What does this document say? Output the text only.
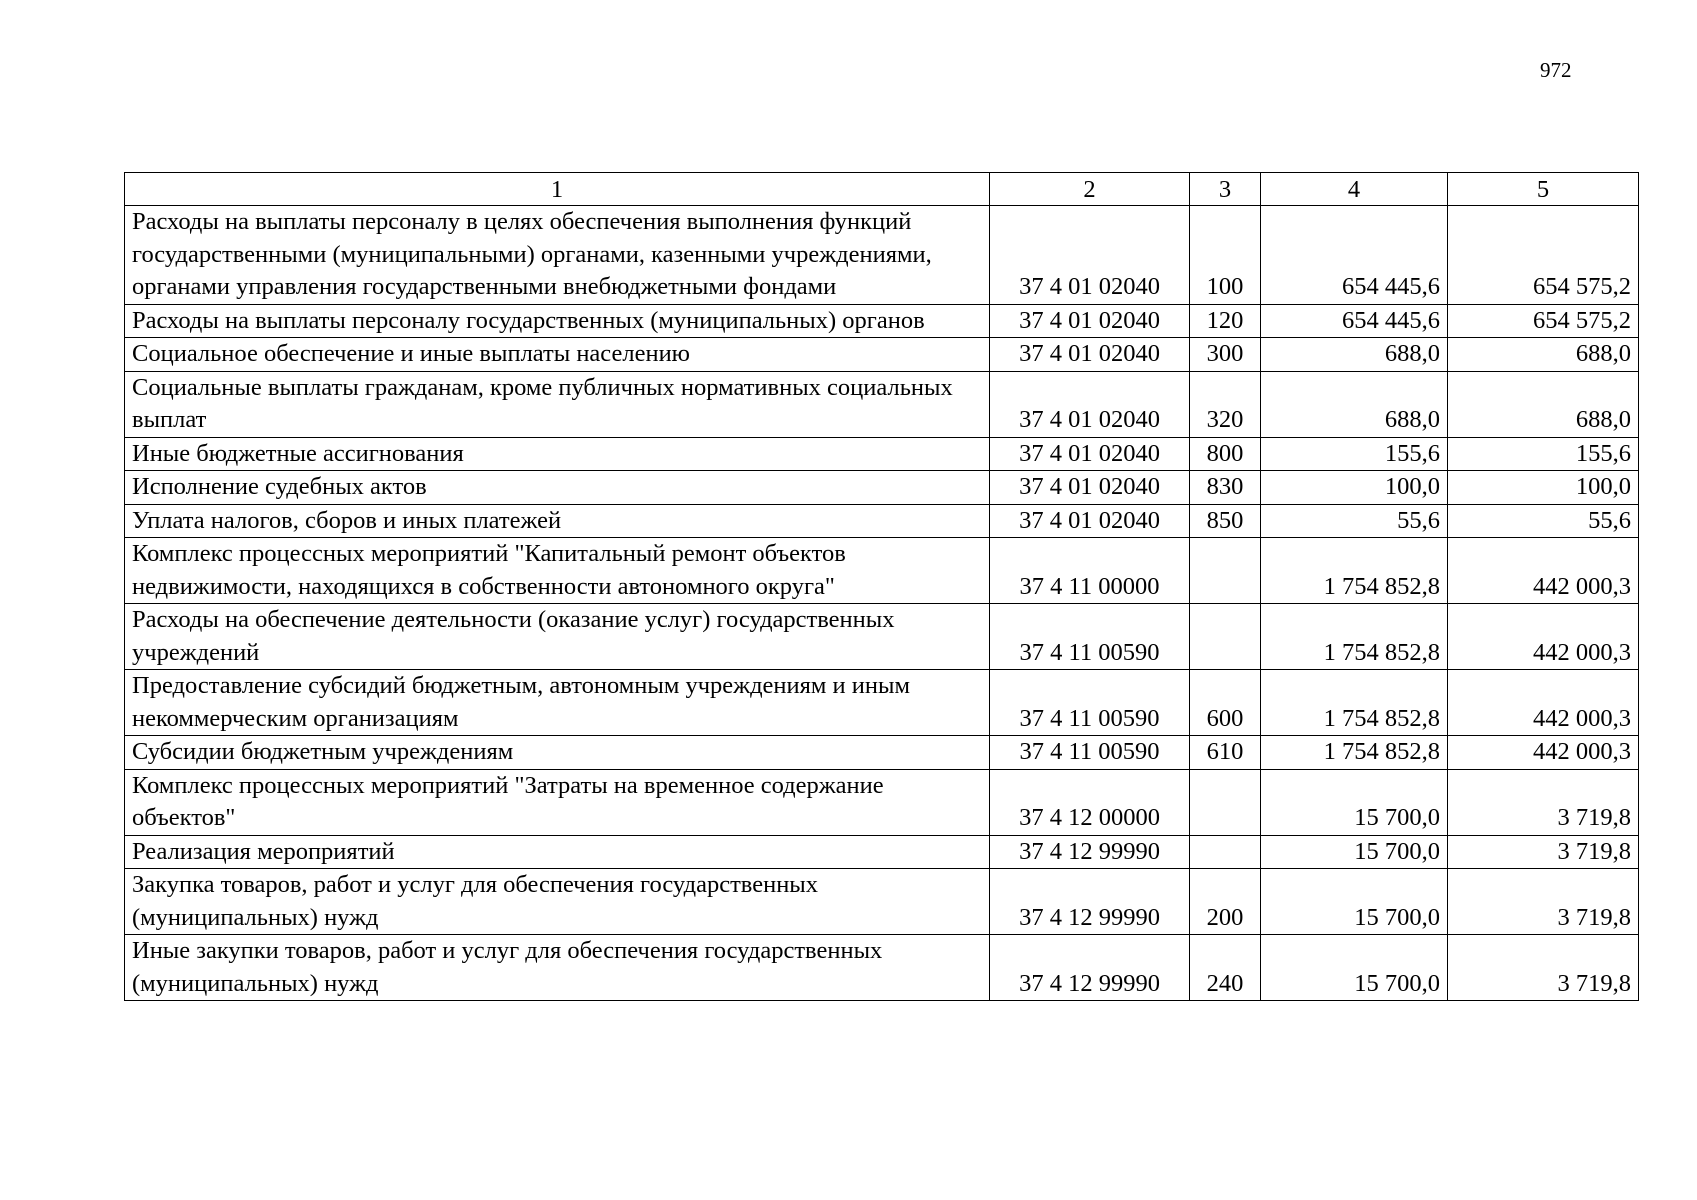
972
1	2	3	4	5
Расходы на выплаты персоналу в целях обеспечения выполнения функций государственными (муниципальными) органами, казенными учреждениями, органами управления государственными внебюджетными фондами	37 4 01 02040	100	654 445,6	654 575,2
Расходы на выплаты персоналу государственных (муниципальных) органов	37 4 01 02040	120	654 445,6	654 575,2
Социальное обеспечение и иные выплаты населению	37 4 01 02040	300	688,0	688,0
Социальные выплаты гражданам, кроме публичных нормативных социальных выплат	37 4 01 02040	320	688,0	688,0
Иные бюджетные ассигнования	37 4 01 02040	800	155,6	155,6
Исполнение судебных актов	37 4 01 02040	830	100,0	100,0
Уплата налогов, сборов и иных платежей	37 4 01 02040	850	55,6	55,6
Комплекс процессных мероприятий "Капитальный ремонт объектов недвижимости, находящихся в собственности автономного округа"	37 4 11 00000		1 754 852,8	442 000,3
Расходы на обеспечение деятельности (оказание услуг) государственных учреждений	37 4 11 00590		1 754 852,8	442 000,3
Предоставление субсидий бюджетным, автономным учреждениям и иным некоммерческим организациям	37 4 11 00590	600	1 754 852,8	442 000,3
Субсидии бюджетным учреждениям	37 4 11 00590	610	1 754 852,8	442 000,3
Комплекс процессных мероприятий "Затраты на временное содержание объектов"	37 4 12 00000		15 700,0	3 719,8
Реализация мероприятий	37 4 12 99990		15 700,0	3 719,8
Закупка товаров, работ и услуг для обеспечения государственных (муниципальных) нужд	37 4 12 99990	200	15 700,0	3 719,8
Иные закупки товаров, работ и услуг для обеспечения государственных (муниципальных) нужд	37 4 12 99990	240	15 700,0	3 719,8
